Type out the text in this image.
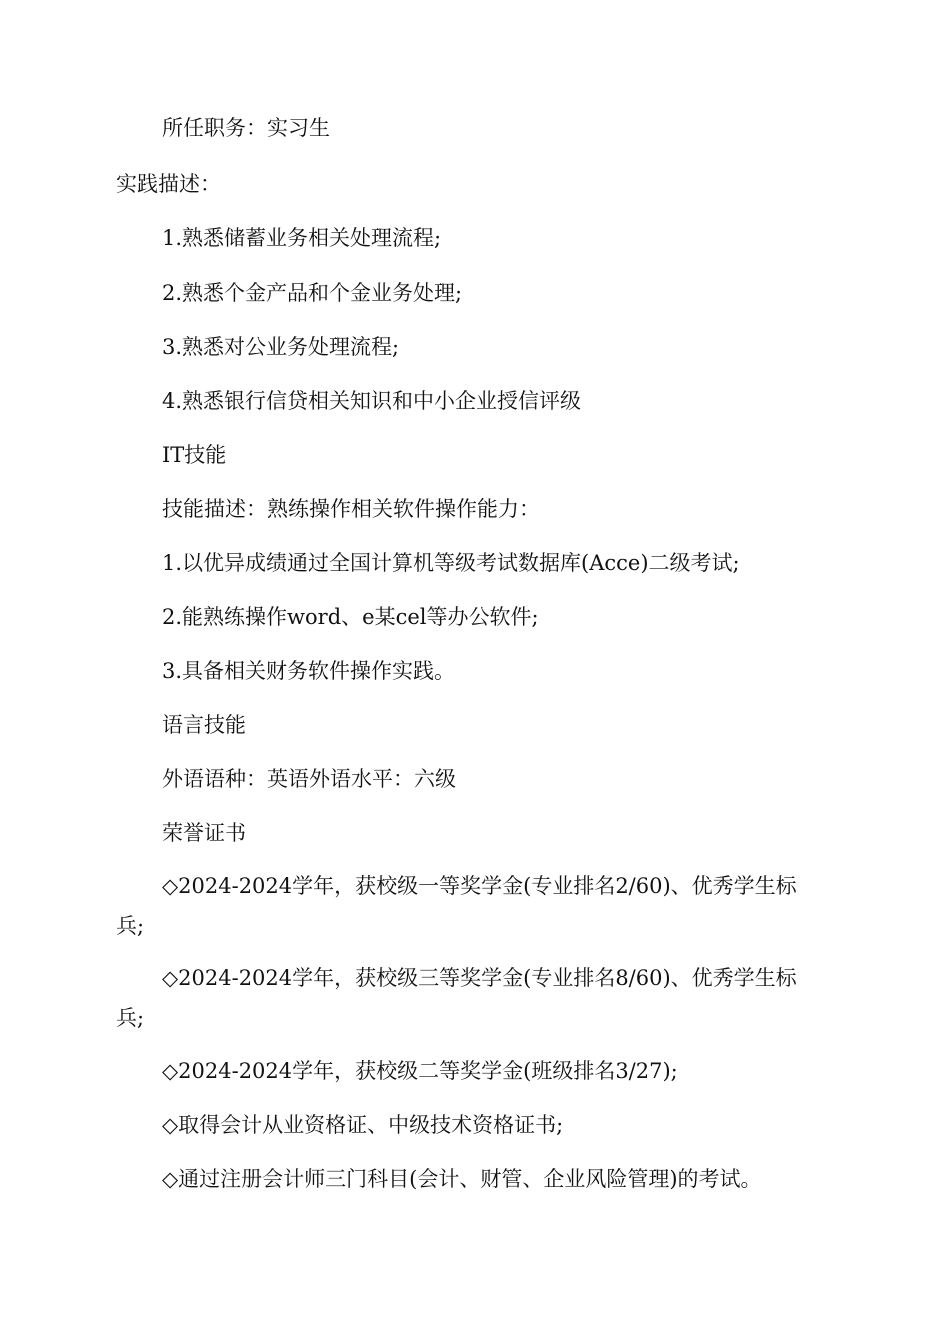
所任职务：实习生
实践描述：
1.熟悉储蓄业务相关处理流程;
2.熟悉个金产品和个金业务处理;
3.熟悉对公业务处理流程;
4.熟悉银行信贷相关知识和中小企业授信评级
IT技能
技能描述：熟练操作相关软件操作能力：
1.以优异成绩通过全国计算机等级考试数据库(Acce)二级考试;
2.能熟练操作word、e某cel等办公软件;
3.具备相关财务软件操作实践。
语言技能
外语语种：英语外语水平：六级
荣誉证书
◇2024-2024学年，获校级一等奖学金(专业排名2/60)、优秀学生标
兵;
◇2024-2024学年，获校级三等奖学金(专业排名8/60)、优秀学生标
兵;
◇2024-2024学年，获校级二等奖学金(班级排名3/27);
◇取得会计从业资格证、中级技术资格证书;
◇通过注册会计师三门科目(会计、财管、企业风险管理)的考试。
